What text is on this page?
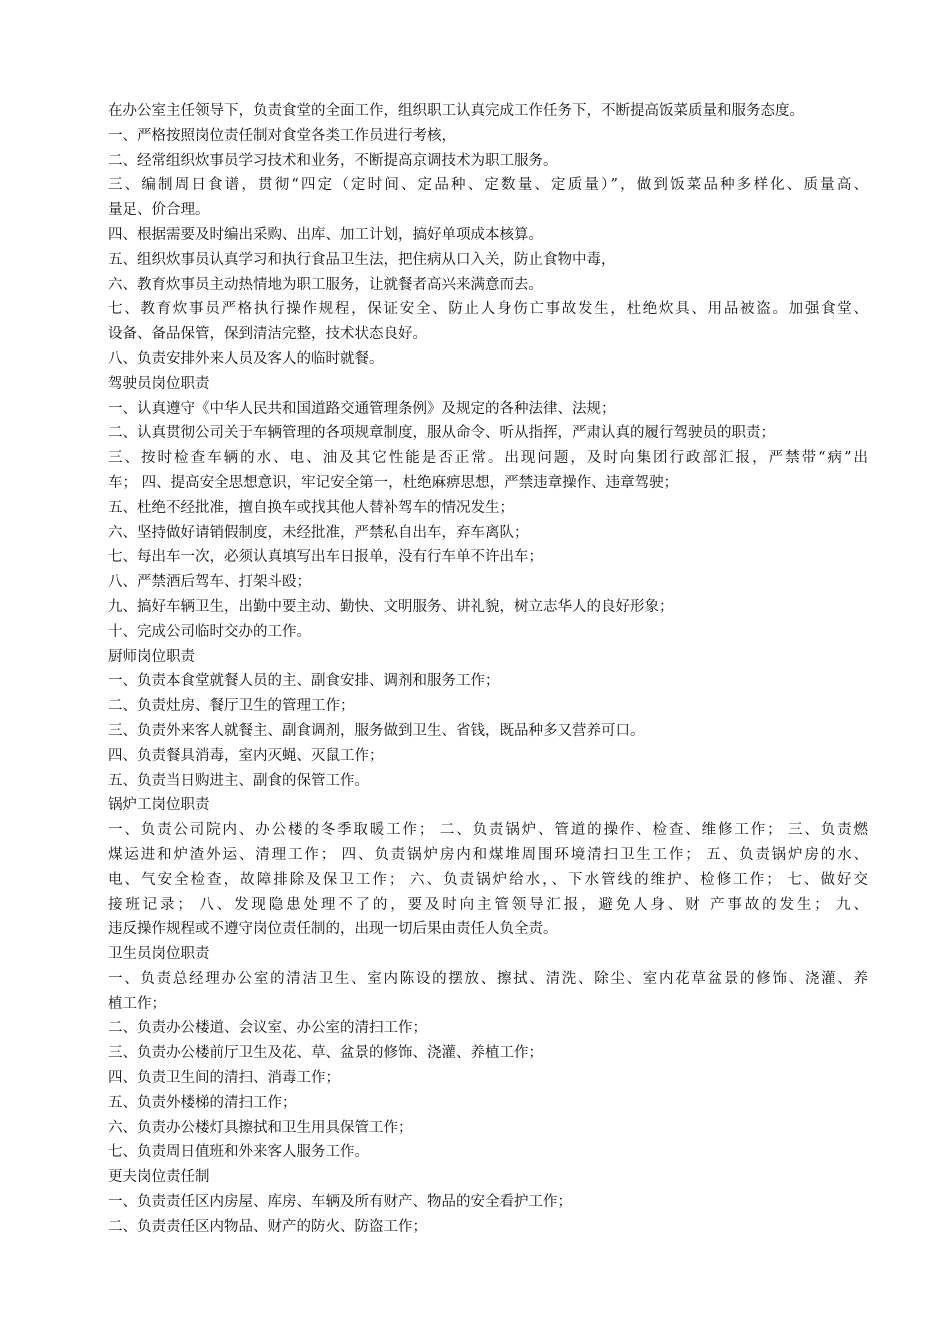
在办公室主任领导下，负责食堂的全面工作，组织职工认真完成工作任务下，不断提高饭菜质量和服务态度。
一、严格按照岗位责任制对食堂各类工作员进行考核，
二、经常组织炊事员学习技术和业务，不断提高京调技术为职工服务。
三、编制周日食谱，贯彻“四定（定时间、定品种、定数量、定质量）”，做到饭菜品种多样化、质量高、
量足、价合理。
四、根据需要及时编出采购、出库、加工计划，搞好单项成本核算。
五、组织炊事员认真学习和执行食品卫生法，把住病从口入关，防止食物中毒，
六、教育炊事员主动热情地为职工服务，让就餐者高兴来满意而去。
七、教育炊事员严格执行操作规程，保证安全、防止人身伤亡事故发生，杜绝炊具、用品被盗。加强食堂、
设备、备品保管，保到清洁完整，技术状态良好。
八、负责安排外来人员及客人的临时就餐。
驾驶员岗位职责
一、认真遵守《中华人民共和国道路交通管理条例》及规定的各种法律、法规；
二、认真贯彻公司关于车辆管理的各项规章制度，服从命令、听从指挥，严肃认真的履行驾驶员的职责；
三、按时检查车辆的水、电、油及其它性能是否正常。出现问题，及时向集团行政部汇报，严禁带“病”出
车； 四、提高安全思想意识，牢记安全第一，杜绝麻痹思想，严禁违章操作、违章驾驶；
五、杜绝不经批准，擅自换车或找其他人替补驾车的情况发生；
六、坚持做好请销假制度，未经批准，严禁私自出车，弃车离队；
七、每出车一次，必须认真填写出车日报单，没有行车单不许出车；
八、严禁酒后驾车、打架斗殴；
九、搞好车辆卫生，出勤中要主动、勤快、文明服务、讲礼貌，树立志华人的良好形象；
十、完成公司临时交办的工作。
厨师岗位职责
一、负责本食堂就餐人员的主、副食安排、调剂和服务工作；
二、负责灶房、餐厅卫生的管理工作；
三、负责外来客人就餐主、副食调剂，服务做到卫生、省钱，既品种多又营养可口。
四、负责餐具消毒，室内灭蝇、灭鼠工作；
五、负责当日购进主、副食的保管工作。
锅炉工岗位职责
一、负责公司院内、办公楼的冬季取暖工作； 二、负责锅炉、管道的操作、检查、维修工作； 三、负责燃
煤运进和炉渣外运、清理工作； 四、负责锅炉房内和煤堆周围环境清扫卫生工作； 五、负责锅炉房的水、
电、气安全检查，故障排除及保卫工作； 六、负责锅炉给水，、下水管线的维护、检修工作； 七、做好交
接班记录； 八、发现隐患处理不了的，要及时向主管领导汇报，避免人身、财 产事故的发生； 九、
违反操作规程或不遵守岗位责任制的，出现一切后果由责任人负全责。
卫生员岗位职责
一、负责总经理办公室的清洁卫生、室内陈设的摆放、擦拭、清洗、除尘、室内花草盆景的修饰、浇灌、养
植工作；
二、负责办公楼道、会议室、办公室的清扫工作；
三、负责办公楼前厅卫生及花、草、盆景的修饰、浇灌、养植工作；
四、负责卫生间的清扫、消毒工作；
五、负责外楼梯的清扫工作；
六、负责办公楼灯具擦拭和卫生用具保管工作；
七、负责周日值班和外来客人服务工作。
更夫岗位责任制
一、负责责任区内房屋、库房、车辆及所有财产、物品的安全看护工作；
二、负责责任区内物品、财产的防火、防盗工作；
